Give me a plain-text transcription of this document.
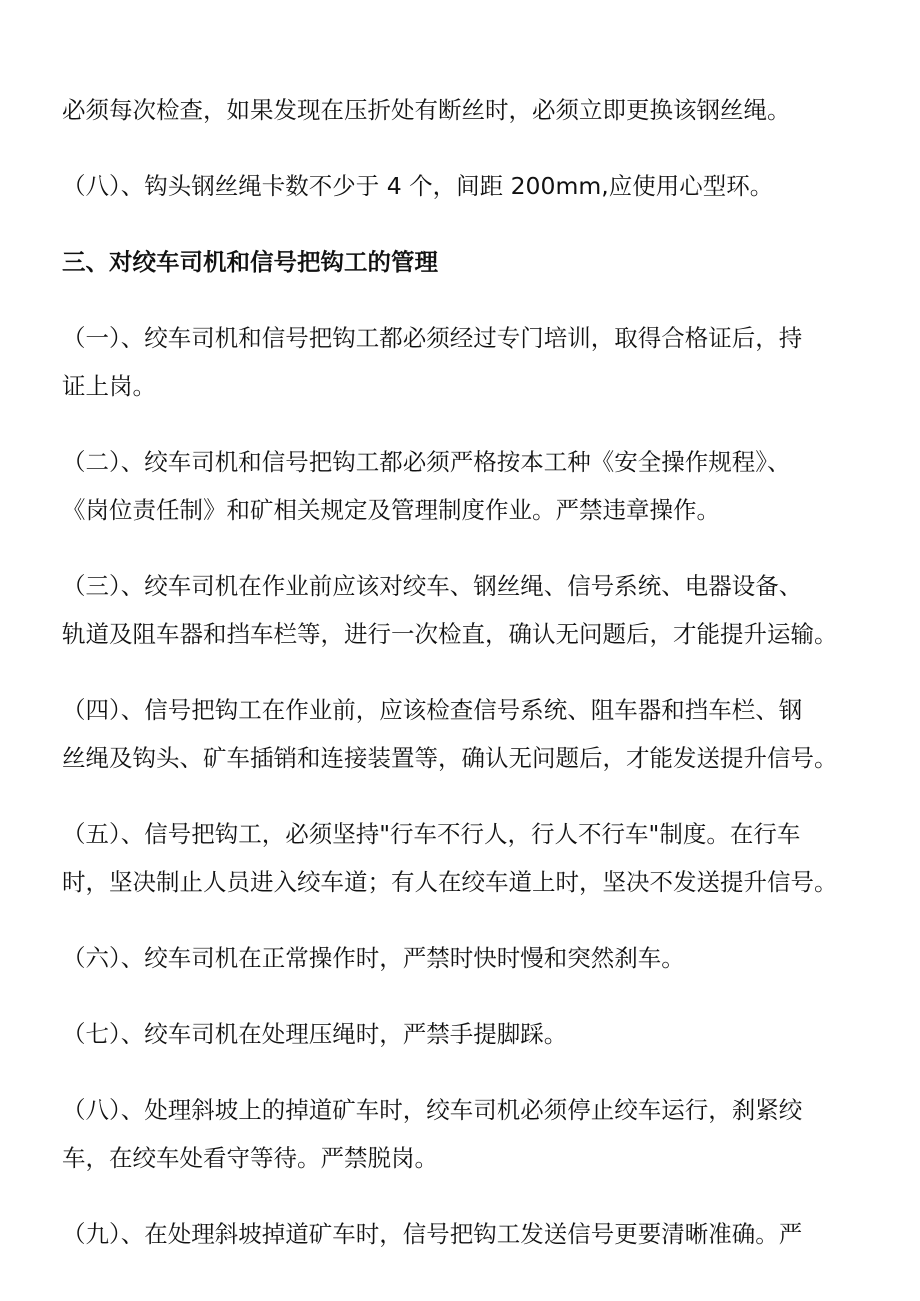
必须每次检查，如果发现在压折处有断丝时，必须立即更换该钢丝绳。
（八）、钩头钢丝绳卡数不少于 4 个，间距 200mm,应使用心型环。
三、对绞车司机和信号把钩工的管理
（一）、绞车司机和信号把钩工都必须经过专门培训，取得合格证后，持
证上岗。
（二）、绞车司机和信号把钩工都必须严格按本工种《安全操作规程》、
《岗位责任制》和矿相关规定及管理制度作业。严禁违章操作。
（三）、绞车司机在作业前应该对绞车、钢丝绳、信号系统、电器设备、
轨道及阻车器和挡车栏等，进行一次检直，确认无问题后，才能提升运输。
（四）、信号把钩工在作业前，应该检查信号系统、阻车器和挡车栏、钢
丝绳及钩头、矿车插销和连接装置等，确认无问题后，才能发送提升信号。
（五）、信号把钩工，必须坚持"行车不行人，行人不行车"制度。在行车
时，坚决制止人员进入绞车道；有人在绞车道上时，坚决不发送提升信号。
（六）、绞车司机在正常操作时，严禁时快时慢和突然刹车。
（七）、绞车司机在处理压绳时，严禁手提脚踩。
（八）、处理斜坡上的掉道矿车时，绞车司机必须停止绞车运行，刹紧绞
车，在绞车处看守等待。严禁脱岗。
（九）、在处理斜坡掉道矿车时，信号把钩工发送信号更要清晰准确。严
